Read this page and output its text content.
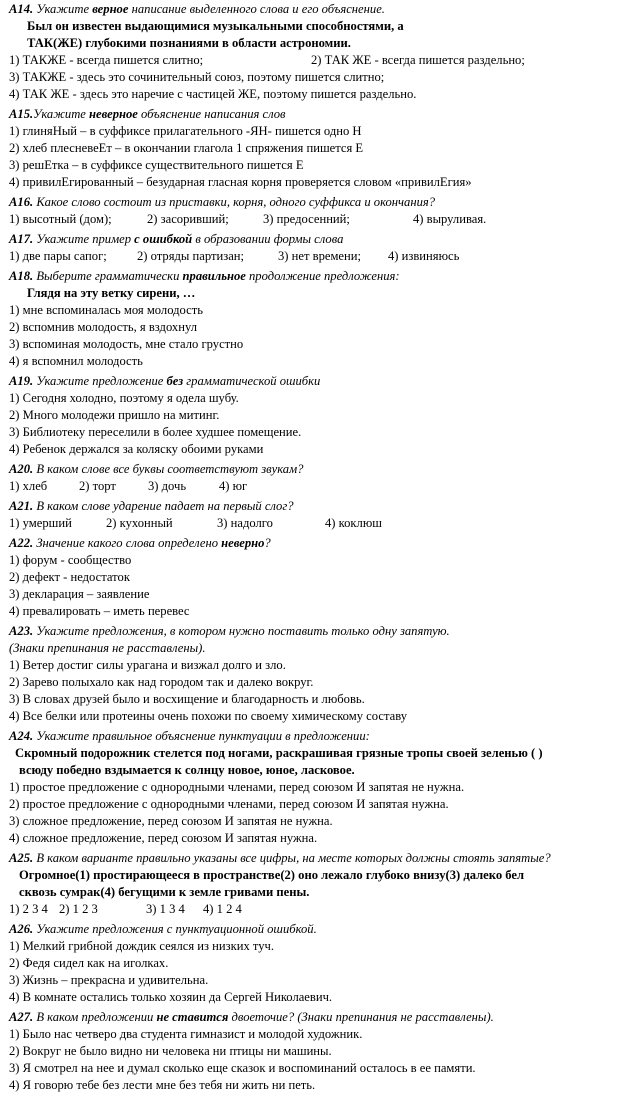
А14. Укажите верное написание выделенного слова и его объяснение.
Был он известен выдающимися музыкальными способностями, а
ТАК(ЖЕ) глубокими познаниями в области астрономии.
1) ТАКЖЕ - всегда пишется слитно;	2) ТАК ЖЕ - всегда пишется раздельно;
3) ТАКЖЕ - здесь это сочинительный союз, поэтому пишется слитно;
4) ТАК ЖЕ - здесь это наречие с частицей ЖЕ, поэтому пишется раздельно.
А15.Укажите неверное объяснение написания слов
1) глиняНый – в суффиксе прилагательного -ЯН- пишется одно Н
2) хлеб плесневеЕт – в окончании глагола 1 спряжения пишется Е
3) решЕтка – в суффиксе существительного пишется Е
4) привилЕгированный – безударная гласная корня проверяется словом «привилЕгия»
А16. Какое слово состоит из приставки, корня, одного суффикса и окончания?
1) высотный (дом);	2) засоривший;	3) предосенний;	4) выруливая.
А17. Укажите пример с ошибкой в образовании формы слова
1) две пары сапог;	2) отряды партизан;	3) нет времени;	4) извиняюсь
А18. Выберите грамматически правильное продолжение предложения:
Глядя на эту ветку сирени, …
1) мне вспоминалась моя молодость
2) вспомнив молодость, я вздохнул
3) вспоминая молодость, мне стало грустно
4) я вспомнил молодость
А19. Укажите предложение без грамматической ошибки
1) Сегодня холодно, поэтому я одела шубу.
2) Много молодежи пришло на митинг.
3) Библиотеку переселили в более худшее помещение.
4) Ребенок держался за коляску обоими руками
А20. В каком слове все буквы соответствуют звукам?
1) хлеб	2) торт	3) дочь	4) юг
А21. В каком слове ударение падает на первый слог?
1) умерший	2) кухонный	3) надолго	4) коклюш
А22. Значение какого слова определено неверно?
1) форум - сообщество
2) дефект - недостаток
3) декларация – заявление
4) превалировать – иметь перевес
А23. Укажите предложения, в котором нужно поставить только одну запятую.
(Знаки препинания не расставлены).
1) Ветер достиг силы урагана и визжал долго и зло.
2) Зарево полыхало как над городом так и далеко вокруг.
3) В словах друзей было и восхищение и благодарность и любовь.
4) Все белки или протеины очень похожи по своему химическому составу
А24. Укажите правильное объяснение пунктуации в предложении:
Скромный подорожник стелется под ногами, раскрашивая грязные тропы своей зеленью ( )
всюду победно вздымается к солнцу новое, юное, ласковое.
1) простое предложение с однородными членами, перед союзом И запятая не нужна.
2) простое предложение с однородными членами, перед союзом И запятая нужна.
3) сложное предложение, перед союзом И запятая не нужна.
4) сложное предложение, перед союзом И запятая нужна.
А25. В каком варианте правильно указаны все цифры, на месте которых должны стоять запятые?
Огромное(1) простирающееся в пространстве(2) оно лежало глубоко внизу(3) далеко бел
сквозь сумрак(4) бегущими к земле гривами пены.
1) 2 3 4 2) 1 2 3	3) 1 3 4	4) 1 2 4
А26. Укажите предложения с пунктуационной ошибкой.
1) Мелкий грибной дождик сеялся из низких туч.
2) Федя сидел как на иголках.
3) Жизнь – прекрасна и удивительна.
4) В комнате остались только хозяин да Сергей Николаевич.
А27. В каком предложении не ставится двоеточие? (Знаки препинания не расставлены).
1) Было нас четверо два студента гимназист и молодой художник.
2) Вокруг не было видно ни человека ни птицы ни машины.
3) Я смотрел на нее и думал сколько еще сказок и воспоминаний осталось в ее памяти.
4) Я говорю тебе без лести мне без тебя ни жить ни петь.
